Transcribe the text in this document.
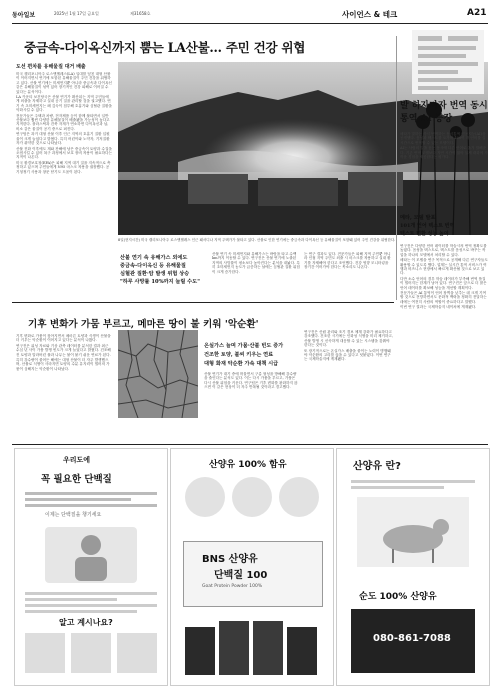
동아일보	2025년 1월 17일 금요일	제31658호	사이언스 & 테크	A21
중금속-다이옥신까지 뿜는 LA산불… 주민 건강 위협
도선 편차를 유해물질 대거 배출

미국 캘리포니아주 로스앤젤레스(LA) 일대를 덮친 대형 산불이 이어지면서 연기에 포함된 유해물질이 주민 건강을 위협하고 있다. 산불 연기에는 미세먼지뿐 아니라 중금속과 다이옥신 같은 유해물질이 섞여 있어 장기적인 건강 피해로 이어질 수 있다는 분석이다.

LA 카운티 보건당국은 산불 연기가 확산되는 지역 주민들에게 외출을 자제하고 실내 공기 질을 관리할 것을 권고했다. 연기 속 초미세먼지는 폐 깊숙이 침투해 호흡기와 심혈관 질환을 악화시킬 수 있다.

전문가들은 주택과 차량, 전자제품 등이 함께 불타면서 일반 산불보다 훨씬 다양한 유해물질이 배출됐을 가능성이 높다고 지적한다. 플라스틱과 건축 자재가 연소하면 다이옥신과 납, 비소 같은 물질이 공기 중으로 퍼진다.

연구팀은 과거 대형 산불 이후 인근 지역의 호흡기 질환 입원율이 크게 늘었다고 밝혔다. 특히 어린이와 노약자, 기저질환자가 취약한 것으로 나타났다.

산불 진화 이후에도 재와 잔해에 남은 중금속이 토양과 수질을 오염시킬 수 있어 복구 과정에서 보호 장비 착용이 필요하다는 지적이 나온다.

미국 환경보호청(EPA)은 피해 지역 대기 질을 지속적으로 측정하고 있으며 주민들에게 N95 마스크 착용을 권장했다. 공기청정기 사용과 창문 닫기도 도움이 된다.

8일(현지시간) 미국 캘리포니아주 로스앤젤레스 인근 패서디나 지역 주택가가 불타고 있다. 산불로 인한 연기에는 중금속과 다이옥신 등 유해물질이 포함돼 있어 주민 건강을 위협한다.
산불 연기 속 유해가스 외에도
중금속-다이옥신 등 유해물질
심혈관 질환·암 발생 위험 상승
"하루 사망률 10%까지 늘릴 수도"

산불 연기 속 미세먼지와 유해가스는 바람을 타고 수백 km까지 이동할 수 있다. 연구진은 산불 연기에 노출된 지역의 사망률이 평소보다 높아진다는 분석을 내놨다. 특히 초미세먼지 농도가 급증하는 날에는 심혈관 질환 위험이 크게 증가한다.

는 연구 결과도 있다. 전문가들은 피해 지역 주민뿐 아니라 인접 지역 주민도 외출 시 마스크를 착용하고 실내 환기를 자제해야 한다고 조언했다. 건강 영향 모니터링을 장기간 이어가야 한다는 목소리도 나온다.

발 하자마자 번역 동시통역 AI 등장

메타가 말하는 즉시 번역하는 동시통역 인공지능(AI)을 공개했다. 음성과 텍스트를 오가며 100여 개 언어를 실시간으로 번역할 수 있는 모델이다.

AI는 사람의 말을 듣는 동시에 다른 언어로 옮겨 말해준다. 기존 번역 모델보다 지연 시간이 짧아 실제 대화에 가까운 경험을 제공한다는 평가다.

메타, 모델 발표
101개 언어 텍스트 번역
텍스트 변환 성능 높여

연구진은 다양한 언어 데이터를 학습시켜 번역 정확도를 높였다. 음성을 텍스트로, 텍스트를 음성으로 바꾸는 작업을 하나의 모델에서 처리할 수 있다.

메타는 이 모델을 연구 목적으로 공개해 다른 연구자들도 활용할 수 있도록 했다. 업계는 실시간 통역 서비스가 여행과 비즈니스 현장에서 빠르게 확산될 것으로 보고 있다.

다만 소수 언어의 경우 학습 데이터가 부족해 번역 품질이 떨어지는 한계가 남아 있다. 연구진은 앞으로 더 많은 언어 데이터를 확보해 성능을 개선할 계획이다.

전문가들은 AI 통역이 언어 장벽을 낮추는 데 크게 기여할 것으로 전망하면서도 문화적 맥락을 정확히 전달하는 데에는 여전히 사람의 역할이 중요하다고 말했다.

이번 연구 결과는 국제학술지 네이처에 게재됐다.

기후 변화가 가뭄 부르고, 메마른 땅이 불 키워 '악순환'

기후 변화로 가뭄이 잦아지면서 메마른 토양과 식생이 산불을 더 키우는 악순환이 이어지고 있다는 분석이 나왔다.

연구진은 위성 자료와 기상 관측 데이터를 분석한 결과 최근 수십 년 사이 가뭄 발생 빈도가 크게 늘었다고 밝혔다. 건조해진 토양과 말라버린 풀과 나무는 불이 붙기 쉬운 연료가 된다.

특히 강수량이 줄어든 해에는 대형 산불이 더 자주 발생했으며, 산불로 식생이 사라지면 토양의 수분 유지력이 떨어져 가뭄이 심해지는 악순환이 나타났다.

온실가스 늘며 가뭄·산불 빈도 증가
건조한 토양, 불씨 키우는 연료
대형 화재 악순환 가속 대책 시급

산불 연기가 대기 중에 머물면서 구름 형성을 방해해 강수량을 줄인다는 분석도 있다. 이는 다시 가뭄을 부르고, 가뭄은 다시 산불 위험을 키운다. 연구팀은 기후 변화를 완화하지 않으면 이 같은 현상이 더 자주 반복될 것이라고 경고했다.

연구진은 산림 관리와 조기 경보 체계 강화가 필요하다고 강조했다. 건조한 시기에는 인화성 식생을 미리 제거하고, 산불 발생 시 신속하게 대응할 수 있는 시스템을 갖춰야 한다는 것이다.

또 장기적으로는 온실가스 배출을 줄이는 노력이 병행돼야 악순환의 고리를 끊을 수 있다고 덧붙였다. 이번 연구는 국제학술지에 게재됐다.

우리도에
꼭 필요한 단백질
이제는 단백질을 챙기세요
알고 계시나요?
산양유 100% 함유
BNS 산양유
단백질 100
Goat Protein Powder 100%
산양유 란?
순도 100% 산양유
080-861-7088
